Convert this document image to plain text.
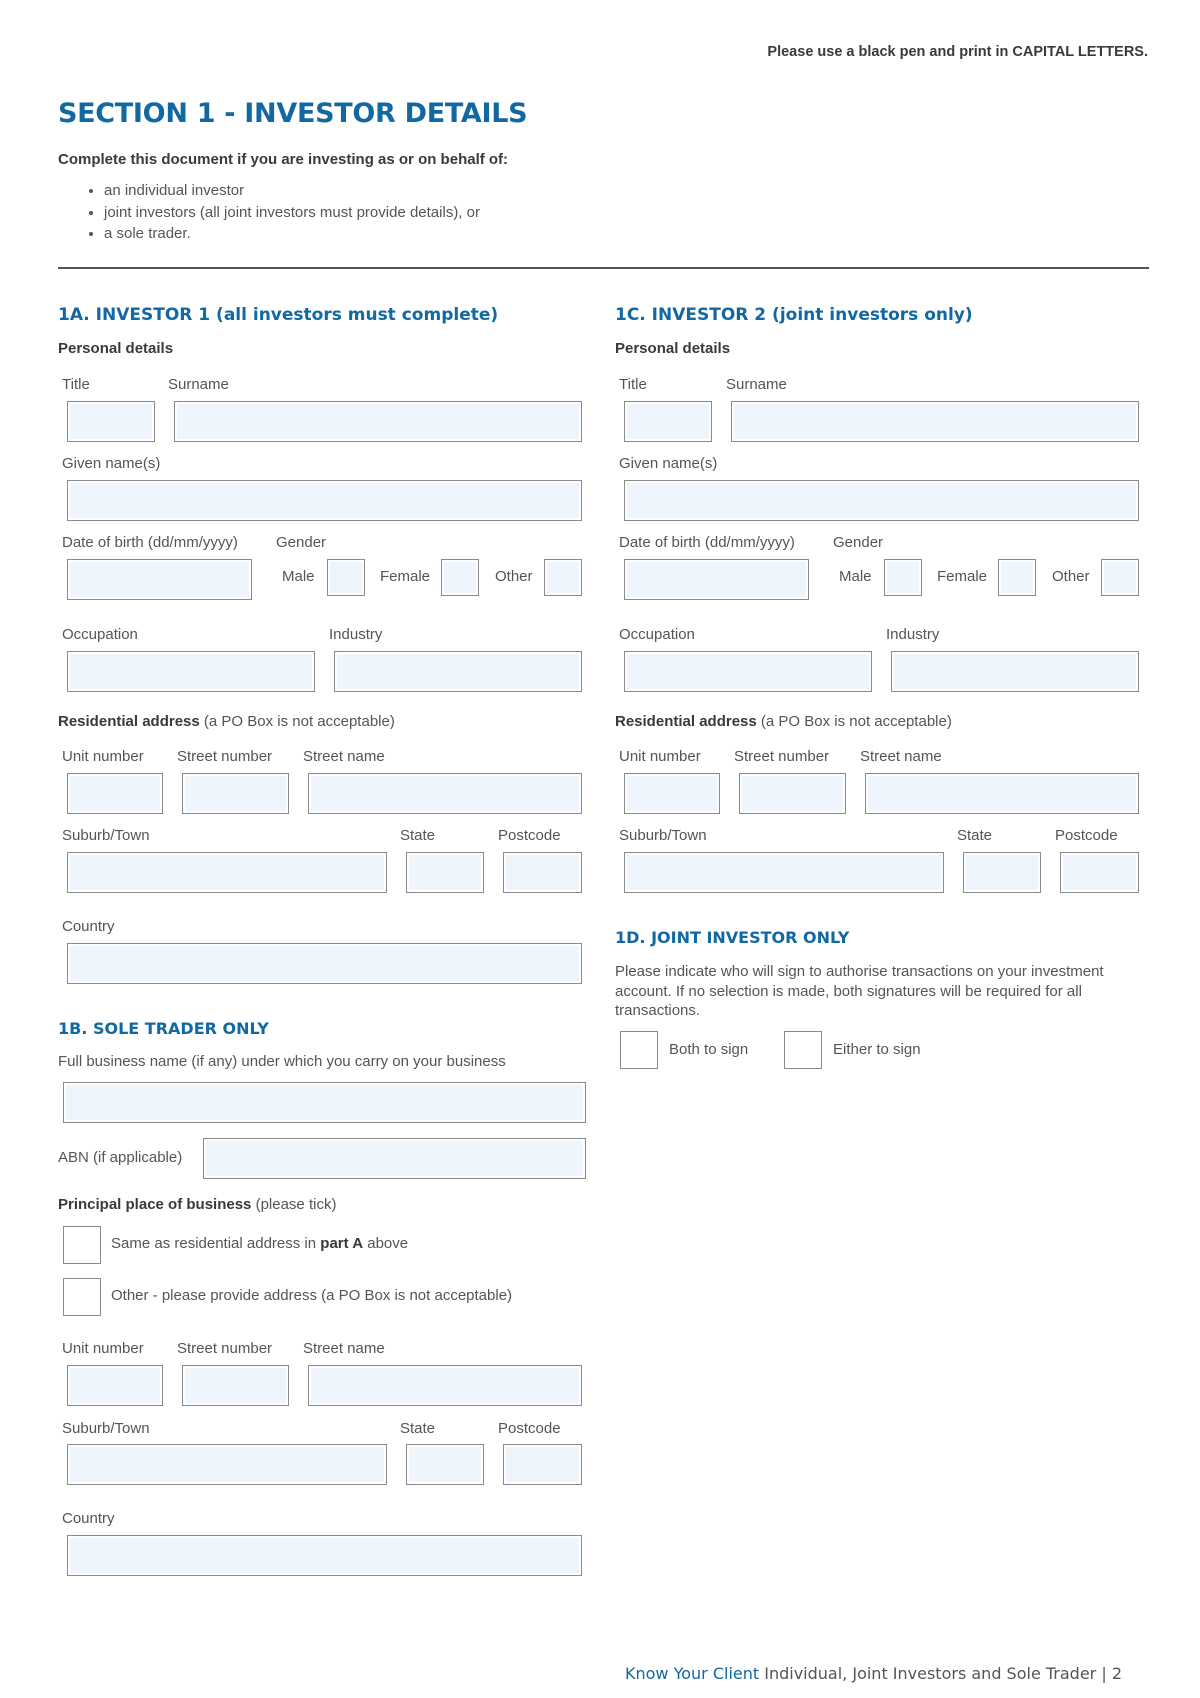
Please use a black pen and print in CAPITAL LETTERS.
SECTION 1 - INVESTOR DETAILS
Complete this document if you are investing as or on behalf of:
• an individual investor
• joint investors (all joint investors must provide details), or
• a sole trader.
1A. INVESTOR 1 (all investors must complete)
Personal details
Title	Surname
Given name(s)
Date of birth (dd/mm/yyyy)	Gender
Male	Female	Other
Occupation	Industry
Residential address (a PO Box is not acceptable)
Unit number Street number Street name
Suburb/Town	State	Postcode
Country
1B. SOLE TRADER ONLY
Full business name (if any) under which you carry on your business
ABN (if applicable)
Principal place of business (please tick)
Same as residential address in part A above
Other - please provide address (a PO Box is not acceptable)
Unit number Street number Street name
Suburb/Town	State	Postcode
Country
1C. INVESTOR 2 (joint investors only)
Personal details
Title	Surname
Given name(s)
Date of birth (dd/mm/yyyy)	Gender
Male	Female	Other
Occupation	Industry
Residential address (a PO Box is not acceptable)
Unit number Street number Street name
Suburb/Town	State	Postcode
1D. JOINT INVESTOR ONLY
Please indicate who will sign to authorise transactions on your investment account. If no selection is made, both signatures will be required for all transactions.
Both to sign	Either to sign
Know Your Client Individual, Joint Investors and Sole Trader | 2
